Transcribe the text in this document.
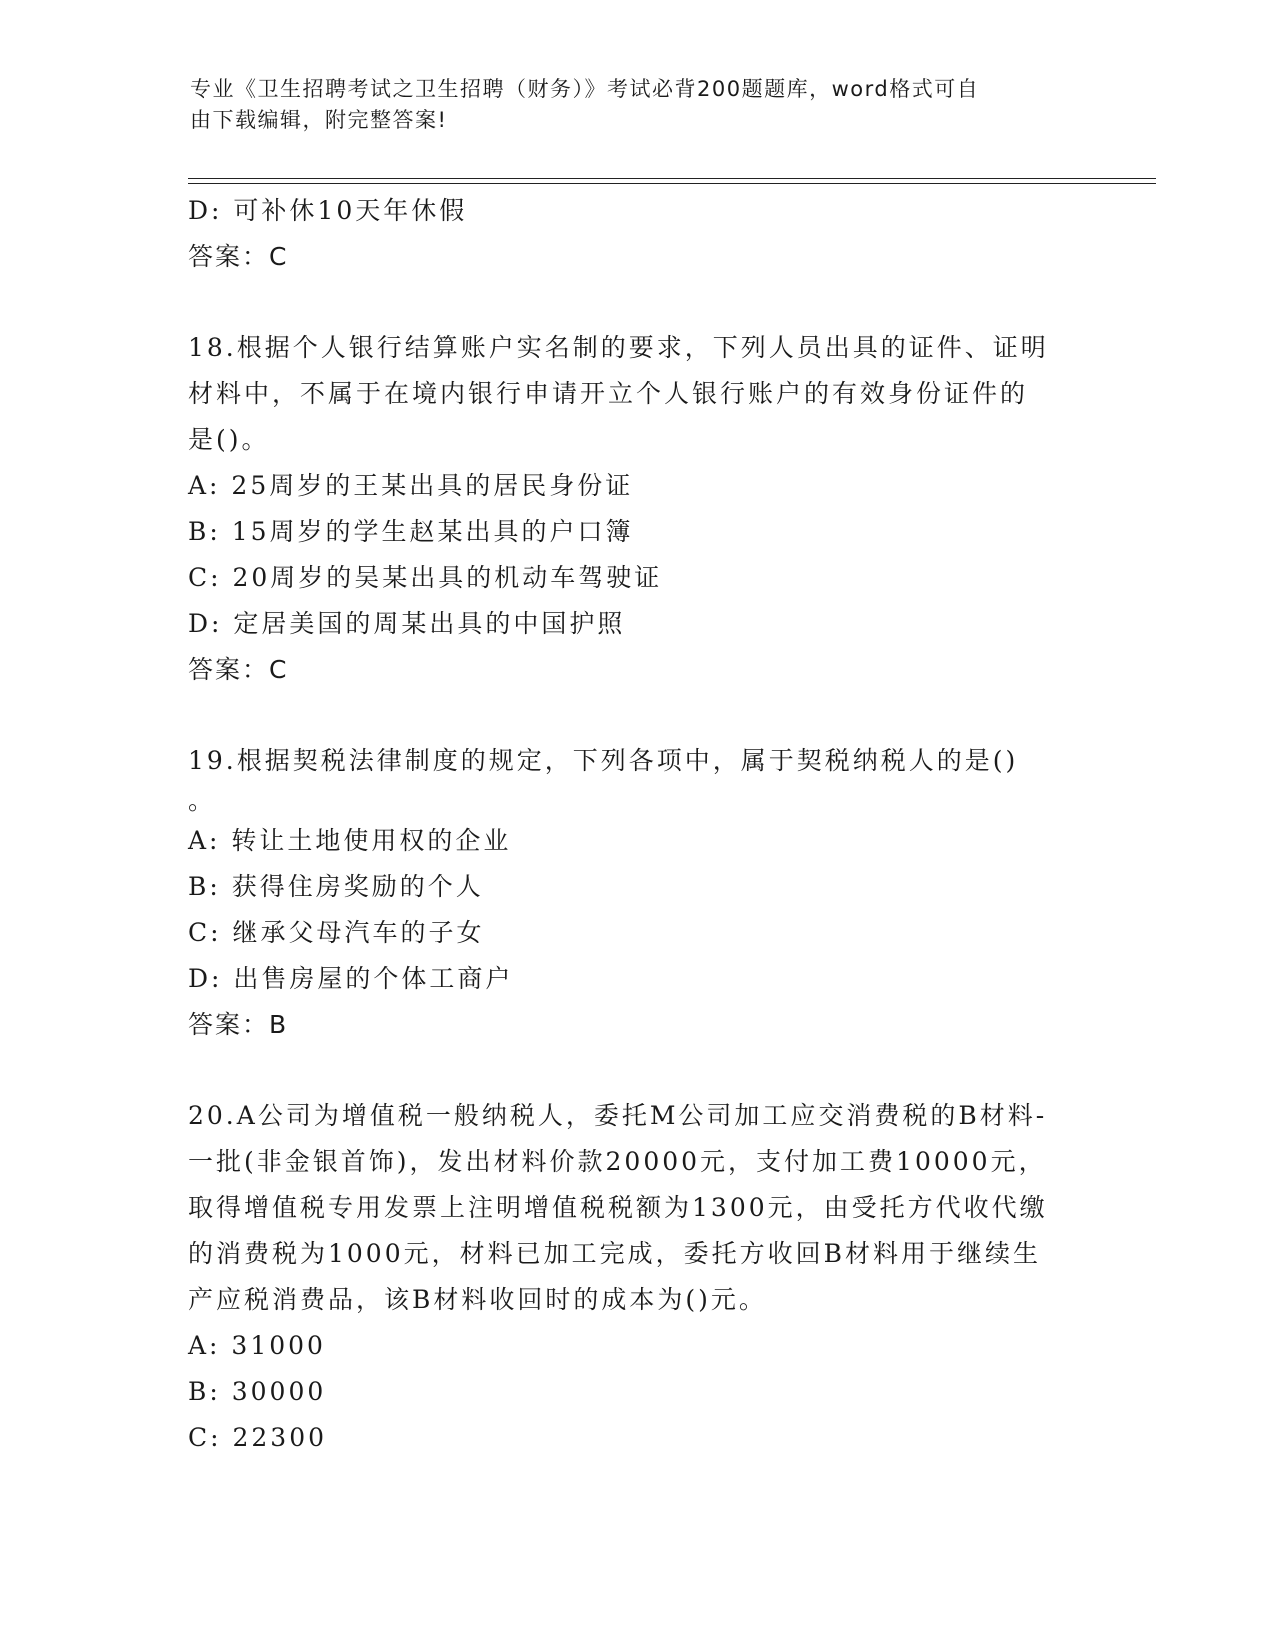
专业《卫生招聘考试之卫生招聘（财务）》考试必背200题题库，word格式可自
由下载编辑，附完整答案!
D: 可补休10天年休假
答案：C
18.根据个人银行结算账户实名制的要求，下列人员出具的证件、证明
材料中，不属于在境内银行申请开立个人银行账户的有效身份证件的
是()。
A: 25周岁的王某出具的居民身份证
B: 15周岁的学生赵某出具的户口簿
C: 20周岁的吴某出具的机动车驾驶证
D: 定居美国的周某出具的中国护照
答案：C
19.根据契税法律制度的规定，下列各项中，属于契税纳税人的是()
。
A: 转让土地使用权的企业
B: 获得住房奖励的个人
C: 继承父母汽车的子女
D: 出售房屋的个体工商户
答案：B
20.A公司为增值税一般纳税人，委托M公司加工应交消费税的B材料-
一批(非金银首饰)，发出材料价款20000元，支付加工费10000元，
取得增值税专用发票上注明增值税税额为1300元，由受托方代收代缴
的消费税为1000元，材料已加工完成，委托方收回B材料用于继续生
产应税消费品，该B材料收回时的成本为()元。
A: 31000
B: 30000
C: 22300
